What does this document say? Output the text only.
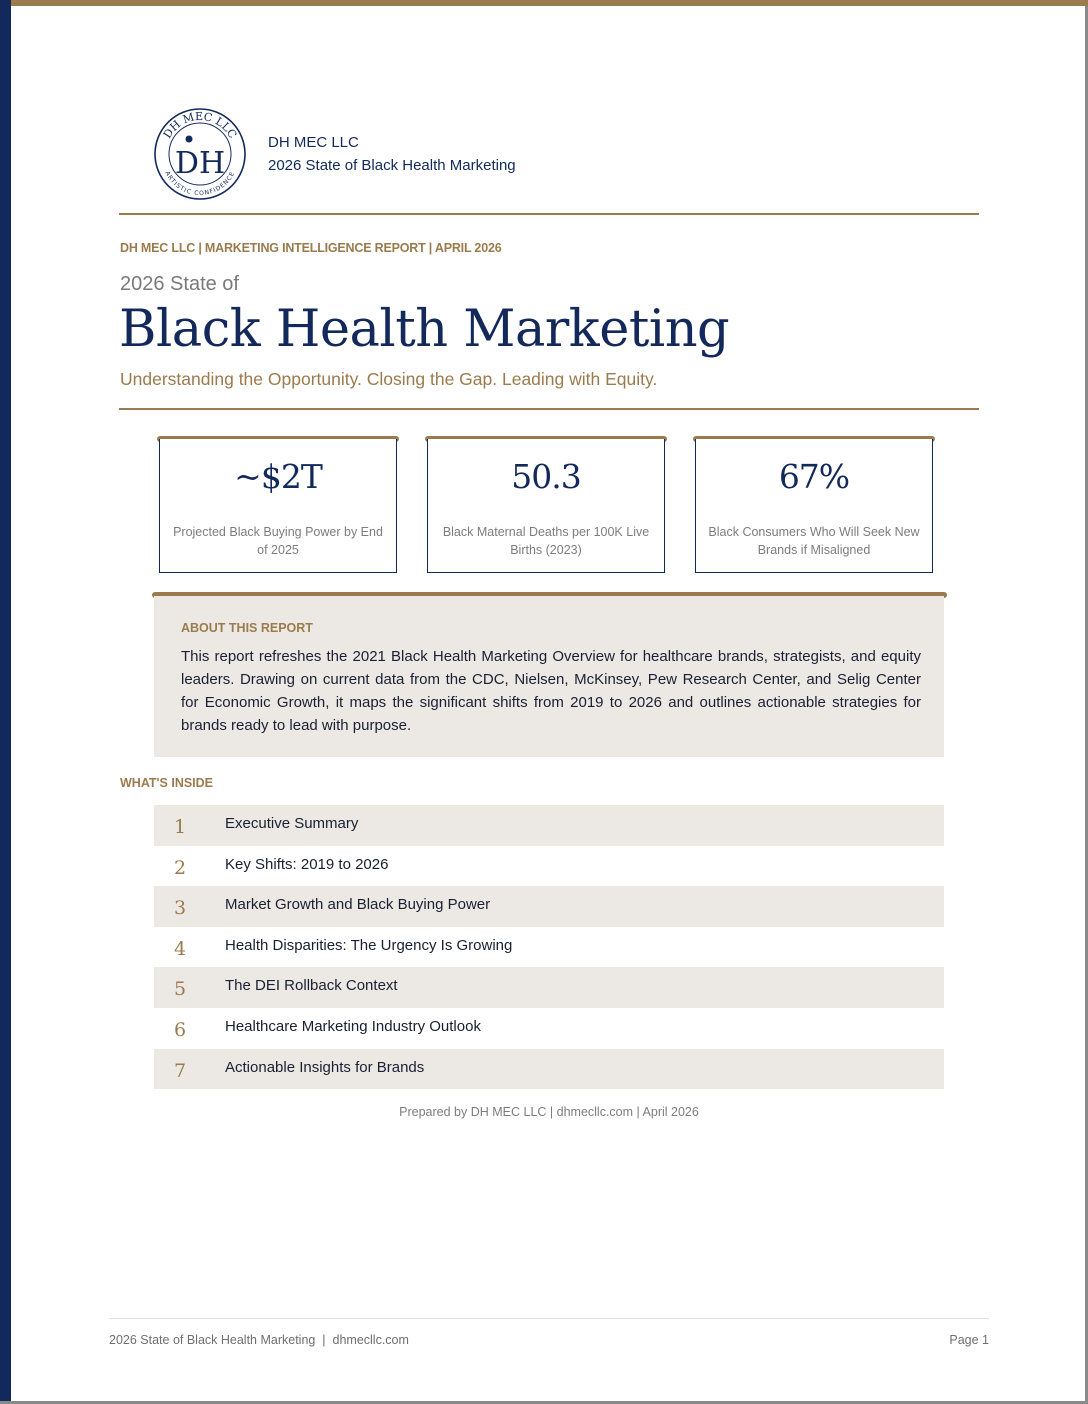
DH MEC LLC
ARTISTIC CONFIDENCE
DH
DH MEC LLC
2026 State of Black Health Marketing
DH MEC LLC | MARKETING INTELLIGENCE REPORT | APRIL 2026
2026 State of
Black Health Marketing
Understanding the Opportunity. Closing the Gap. Leading with Equity.
~$2T
Projected Black Buying Power by End of 2025
50.3
Black Maternal Deaths per 100K Live Births (2023)
67%
Black Consumers Who Will Seek New Brands if Misaligned
ABOUT THIS REPORT
This report refreshes the 2021 Black Health Marketing Overview for healthcare brands, strategists, and equity leaders. Drawing on current data from the CDC, Nielsen, McKinsey, Pew Research Center, and Selig Center for Economic Growth, it maps the significant shifts from 2019 to 2026 and outlines actionable strategies for brands ready to lead with purpose.
WHAT'S INSIDE
1	Executive Summary
2	Key Shifts: 2019 to 2026
3	Market Growth and Black Buying Power
4	Health Disparities: The Urgency Is Growing
5	The DEI Rollback Context
6	Healthcare Marketing Industry Outlook
7	Actionable Insights for Brands
Prepared by DH MEC LLC | dhmecllc.com | April 2026
2026 State of Black Health Marketing  |  dhmecllc.com	Page 1
